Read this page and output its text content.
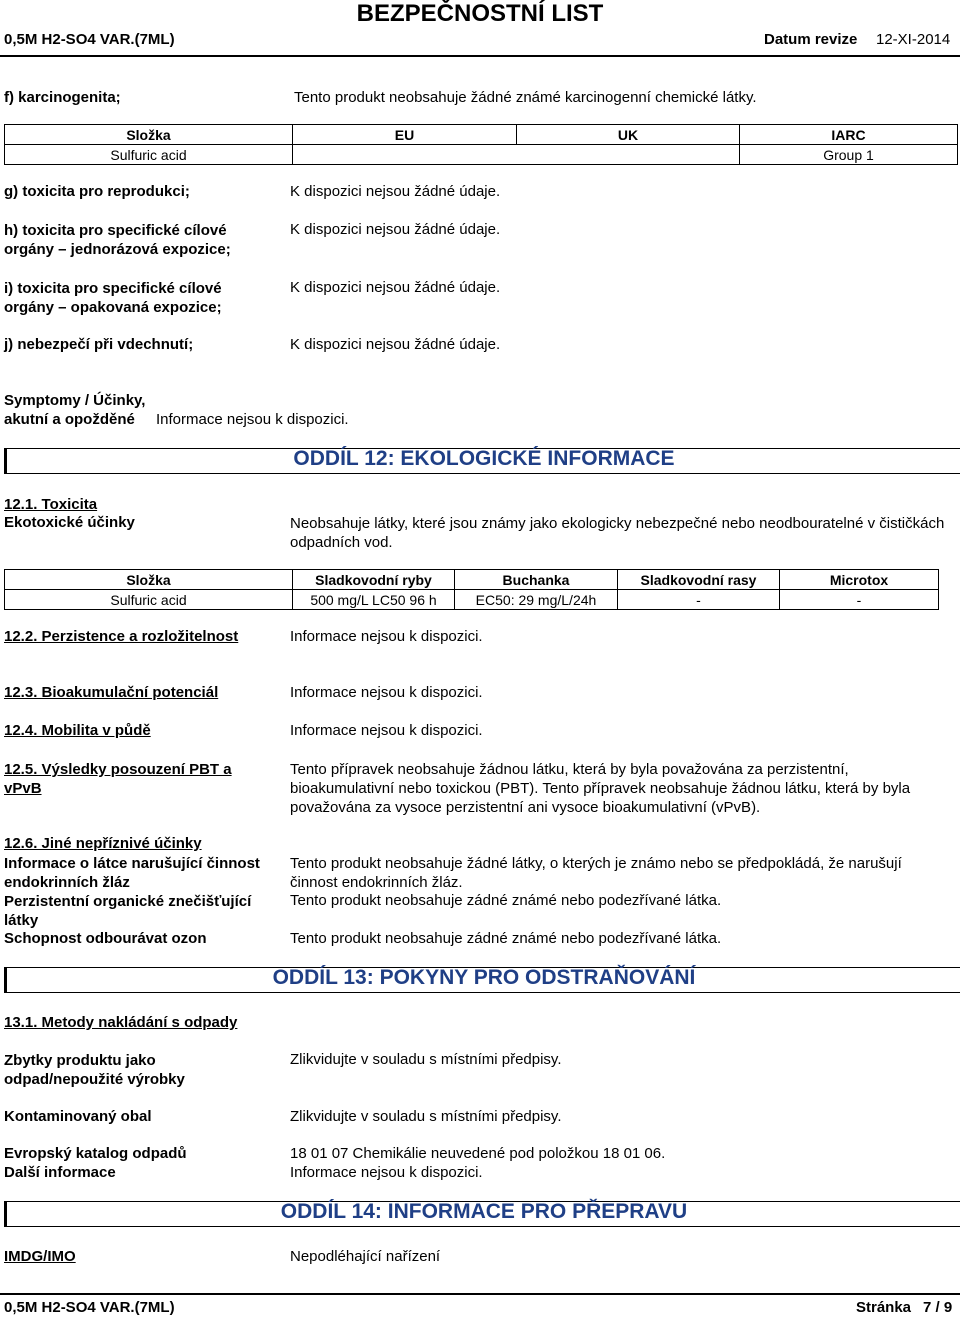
BEZPEČNOSTNÍ LIST
0,5M H2-SO4 VAR.(7ML)	Datum revize 12-XI-2014
f) karcinogenita;	Tento produkt neobsahuje žádné známé karcinogenní chemické látky.
Složka	EU	UK	IARC
Sulfuric acid			Group 1
g) toxicita pro reprodukci;	K dispozici nejsou žádné údaje.
h) toxicita pro specifické cílové orgány – jednorázová expozice;
K dispozici nejsou žádné údaje.
i) toxicita pro specifické cílové orgány – opakovaná expozice;
K dispozici nejsou žádné údaje.
j) nebezpečí při vdechnutí;	K dispozici nejsou žádné údaje.
Symptomy / Účinky,
akutní a opožděné Informace nejsou k dispozici.
ODDÍL 12: EKOLOGICKÉ INFORMACE
12.1. Toxicita
Ekotoxické účinky	Neobsahuje látky, které jsou známy jako ekologicky nebezpečné nebo neodbouratelné v čističkách odpadních vod.
Složka	Sladkovodní ryby	Buchanka	Sladkovodní rasy	Microtox
Sulfuric acid	500 mg/L LC50 96 h	EC50: 29 mg/L/24h	-	-
12.2. Perzistence a rozložitelnost	Informace nejsou k dispozici.
12.3. Bioakumulační potenciál	Informace nejsou k dispozici.
12.4. Mobilita v půdě	Informace nejsou k dispozici.
12.5. Výsledky posouzení PBT a vPvB
Tento přípravek neobsahuje žádnou látku, která by byla považována za perzistentní, bioakumulativní nebo toxickou (PBT). Tento přípravek neobsahuje žádnou látku, která by byla považována za vysoce perzistentní ani vysoce bioakumulativní (vPvB).
12.6. Jiné nepříznivé účinky
Informace o látce narušující činnost endokrinních žláz
Tento produkt neobsahuje žádné látky, o kterých je známo nebo se předpokládá, že narušují činnost endokrinních žláz.
Perzistentní organické znečišťující látky
Tento produkt neobsahuje zádné známé nebo podezřívané látka.
Schopnost odbourávat ozon	Tento produkt neobsahuje zádné známé nebo podezřívané látka.
ODDÍL 13: POKYNY PRO ODSTRAŇOVÁNÍ
13.1. Metody nakládání s odpady
Zbytky produktu jako odpad/nepoužité výrobky
Zlikvidujte v souladu s místními předpisy.
Kontaminovaný obal	Zlikvidujte v souladu s místními předpisy.
Evropský katalog odpadů	18 01 07 Chemikálie neuvedené pod položkou 18 01 06.
Další informace	Informace nejsou k dispozici.
ODDÍL 14: INFORMACE PRO PŘEPRAVU
IMDG/IMO	Nepodléhající nařízení
0,5M H2-SO4 VAR.(7ML)	Stránka 7 / 9
